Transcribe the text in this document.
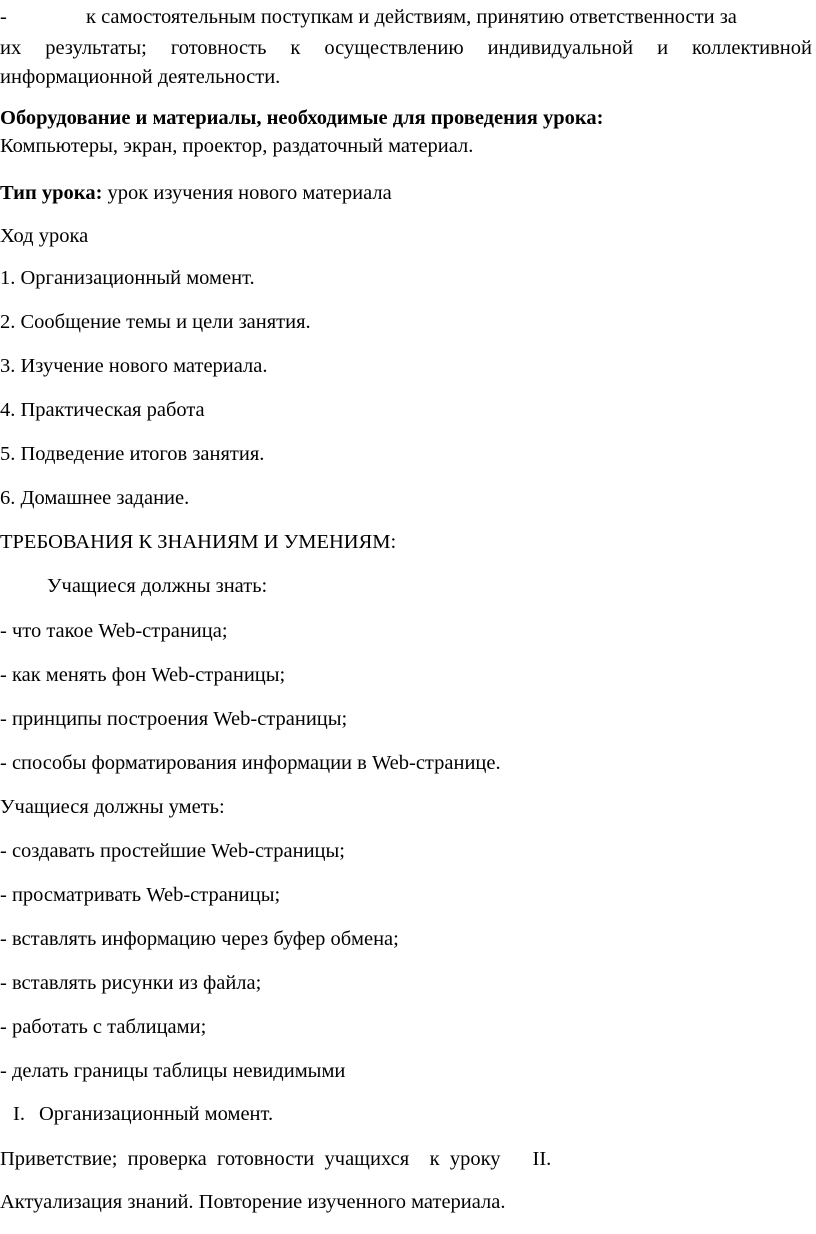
-	к самостоятельным поступкам и действиям, принятию ответственности за
их результаты; готовность к осуществлению индивидуальной и коллективной
информационной деятельности.
Оборудование и материалы, необходимые для проведения урока:
Компьютеры, экран, проектор, раздаточный материал.
Тип урока: урок изучения нового материала
Ход урока
1. Организационный момент.
2. Сообщение темы и цели занятия.
3. Изучение нового материала.
4. Практическая работа
5. Подведение итогов занятия.
6. Домашнее задание.
ТРЕБОВАНИЯ К ЗНАНИЯМ И УМЕНИЯМ:
Учащиеся должны знать:
- что такое Web-страница;
- как менять фон Web-страницы;
- принципы построения Web-страницы;
- способы форматирования информации в Web-странице.
Учащиеся должны уметь:
- создавать простейшие Web-страницы;
- просматривать Web-страницы;
- вставлять информацию через буфер обмена;
- вставлять рисунки из файла;
- работать с таблицами;
- делать границы таблицы невидимыми
I. Организационный момент.
Приветствие;  проверка  готовности  учащихся    к  уроку II.
Актуализация знаний. Повторение изученного материала.
